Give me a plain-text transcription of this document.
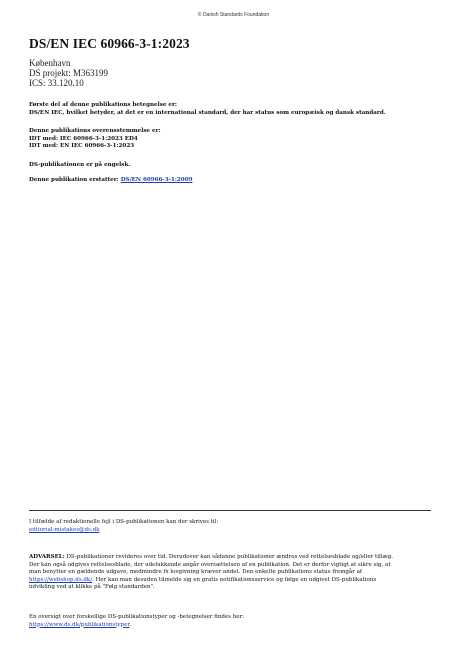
© Danish Standards Foundation
DS/EN IEC 60966-3-1:2023
København
DS projekt: M363199
ICS: 33.120.10
Første del af denne publikations betegnelse er:
DS/EN IEC, hvilket betyder, at det er en international standard, der har status som europæisk og dansk standard.
Denne publikations overensstemmelse er:
IDT med: IEC 60966-3-1:2023 ED4
IDT med: EN IEC 60966-3-1:2023
DS-publikationen er på engelsk.
Denne publikation erstatter: DS/EN 60966-3-1:2009
I tilfælde af redaktionelle fejl i DS-publikationen kan der skrives til:
editorial-mistakes@ds.dk
ADVARSEL: DS-publikationer revideres over tid. Derudover kan sådanne publikationer ændres ved rettelsesblade og/eller tillæg.
Der kan også udgives rettelsesblade, der udelukkende angår oversættelsen af en publikation. Det er derfor vigtigt at sikre sig, at
man benytter en gældende udgave, medmindre fx lovgivning kræver andet. Den enkelte publikations status fremgår af
https://webshop.ds.dk/. Her kan man desuden tilmelde sig en gratis notifikationsservice og følge en udgivet DS-publikations
udvikling ved at klikke på "Følg standarden".
En oversigt over forskellige DS-publikationstyper og -betegnelser findes her:
https://www.ds.dk/publikationstyper.
